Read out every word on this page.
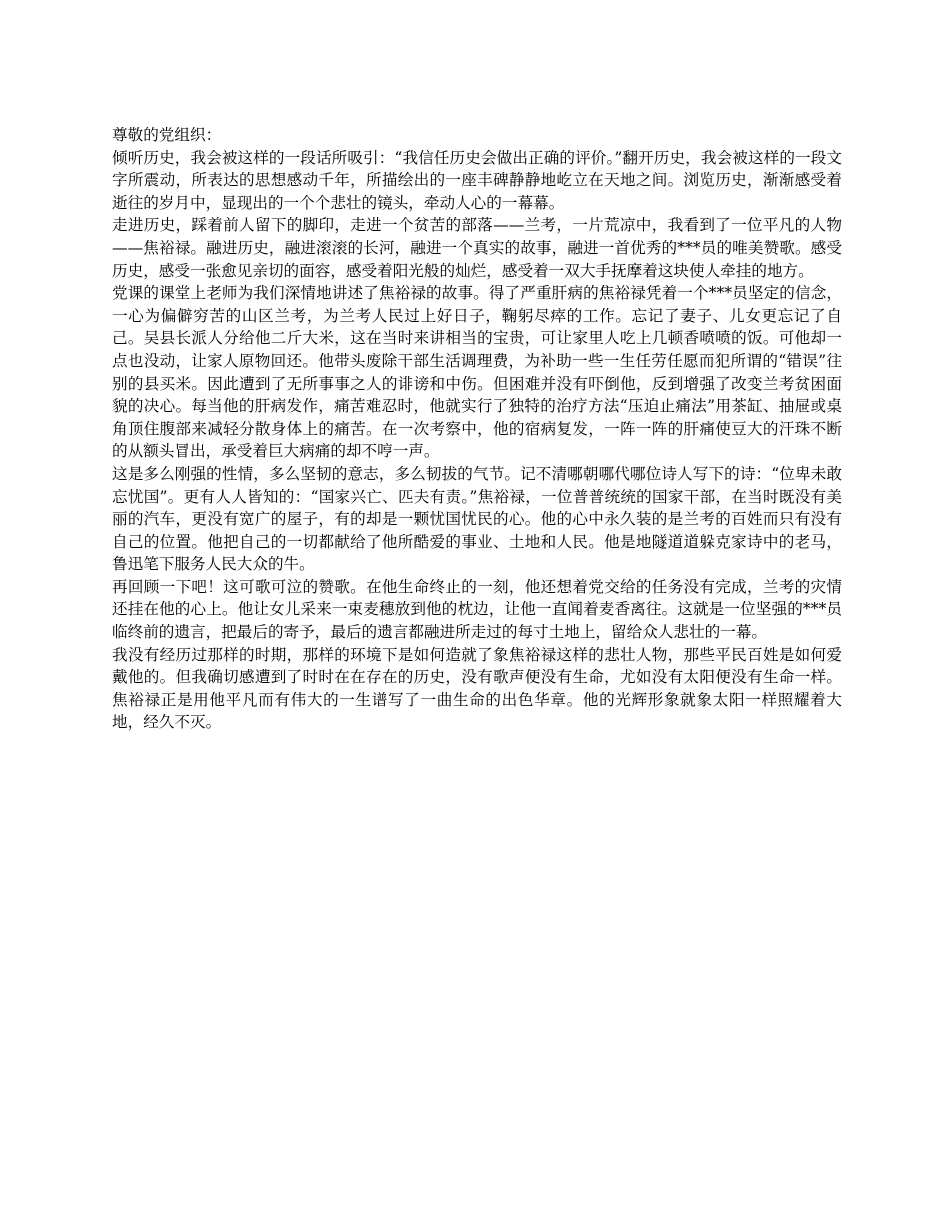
尊敬的党组织：

倾听历史，我会被这样的一段话所吸引：“我信任历史会做出正确的评价。”翻开历史，我会被这样的一段文字所震动，所表达的思想感动千年，所描绘出的一座丰碑静静地屹立在天地之间。浏览历史，渐渐感受着逝往的岁月中，显现出的一个个悲壮的镜头，牵动人心的一幕幕。

走进历史，踩着前人留下的脚印，走进一个贫苦的部落——兰考，一片荒凉中，我看到了一位平凡的人物——焦裕禄。融进历史，融进滚滚的长河，融进一个真实的故事，融进一首优秀的***员的唯美赞歌。感受历史，感受一张愈见亲切的面容，感受着阳光般的灿烂，感受着一双大手抚摩着这块使人牵挂的地方。

党课的课堂上老师为我们深情地讲述了焦裕禄的故事。得了严重肝病的焦裕禄凭着一个***员坚定的信念，一心为偏僻穷苦的山区兰考，为兰考人民过上好日子，鞠躬尽瘁的工作。忘记了妻子、儿女更忘记了自己。吴县长派人分给他二斤大米，这在当时来讲相当的宝贵，可让家里人吃上几顿香喷喷的饭。可他却一点也没动，让家人原物回还。他带头废除干部生活调理费，为补助一些一生任劳任愿而犯所谓的“错误”往别的县买米。因此遭到了无所事事之人的诽谤和中伤。但困难并没有吓倒他，反到增强了改变兰考贫困面貌的决心。每当他的肝病发作，痛苦难忍时，他就实行了独特的治疗方法“压迫止痛法”用茶缸、抽屉或桌角顶住腹部来减轻分散身体上的痛苦。在一次考察中，他的宿病复发，一阵一阵的肝痛使豆大的汗珠不断的从额头冒出，承受着巨大病痛的却不哼一声。

这是多么刚强的性情，多么坚韧的意志，多么韧拔的气节。记不清哪朝哪代哪位诗人写下的诗：“位卑未敢忘忧国”。更有人人皆知的：“国家兴亡、匹夫有责。”焦裕禄，一位普普统统的国家干部，在当时既没有美丽的汽车，更没有宽广的屋子，有的却是一颗忧国忧民的心。他的心中永久装的是兰考的百姓而只有没有自己的位置。他把自己的一切都献给了他所酷爱的事业、土地和人民。他是地隧道道躲克家诗中的老马，鲁迅笔下服务人民大众的牛。

再回顾一下吧！这可歌可泣的赞歌。在他生命终止的一刻，他还想着党交给的任务没有完成，兰考的灾情还挂在他的心上。他让女儿采来一束麦穗放到他的枕边，让他一直闻着麦香离往。这就是一位坚强的***员临终前的遗言，把最后的寄予，最后的遗言都融进所走过的每寸土地上，留给众人悲壮的一幕。

我没有经历过那样的时期，那样的环境下是如何造就了象焦裕禄这样的悲壮人物，那些平民百姓是如何爱戴他的。但我确切感遭到了时时在在存在的历史，没有歌声便没有生命，尤如没有太阳便没有生命一样。焦裕禄正是用他平凡而有伟大的一生谱写了一曲生命的出色华章。他的光辉形象就象太阳一样照耀着大地，经久不灭。
